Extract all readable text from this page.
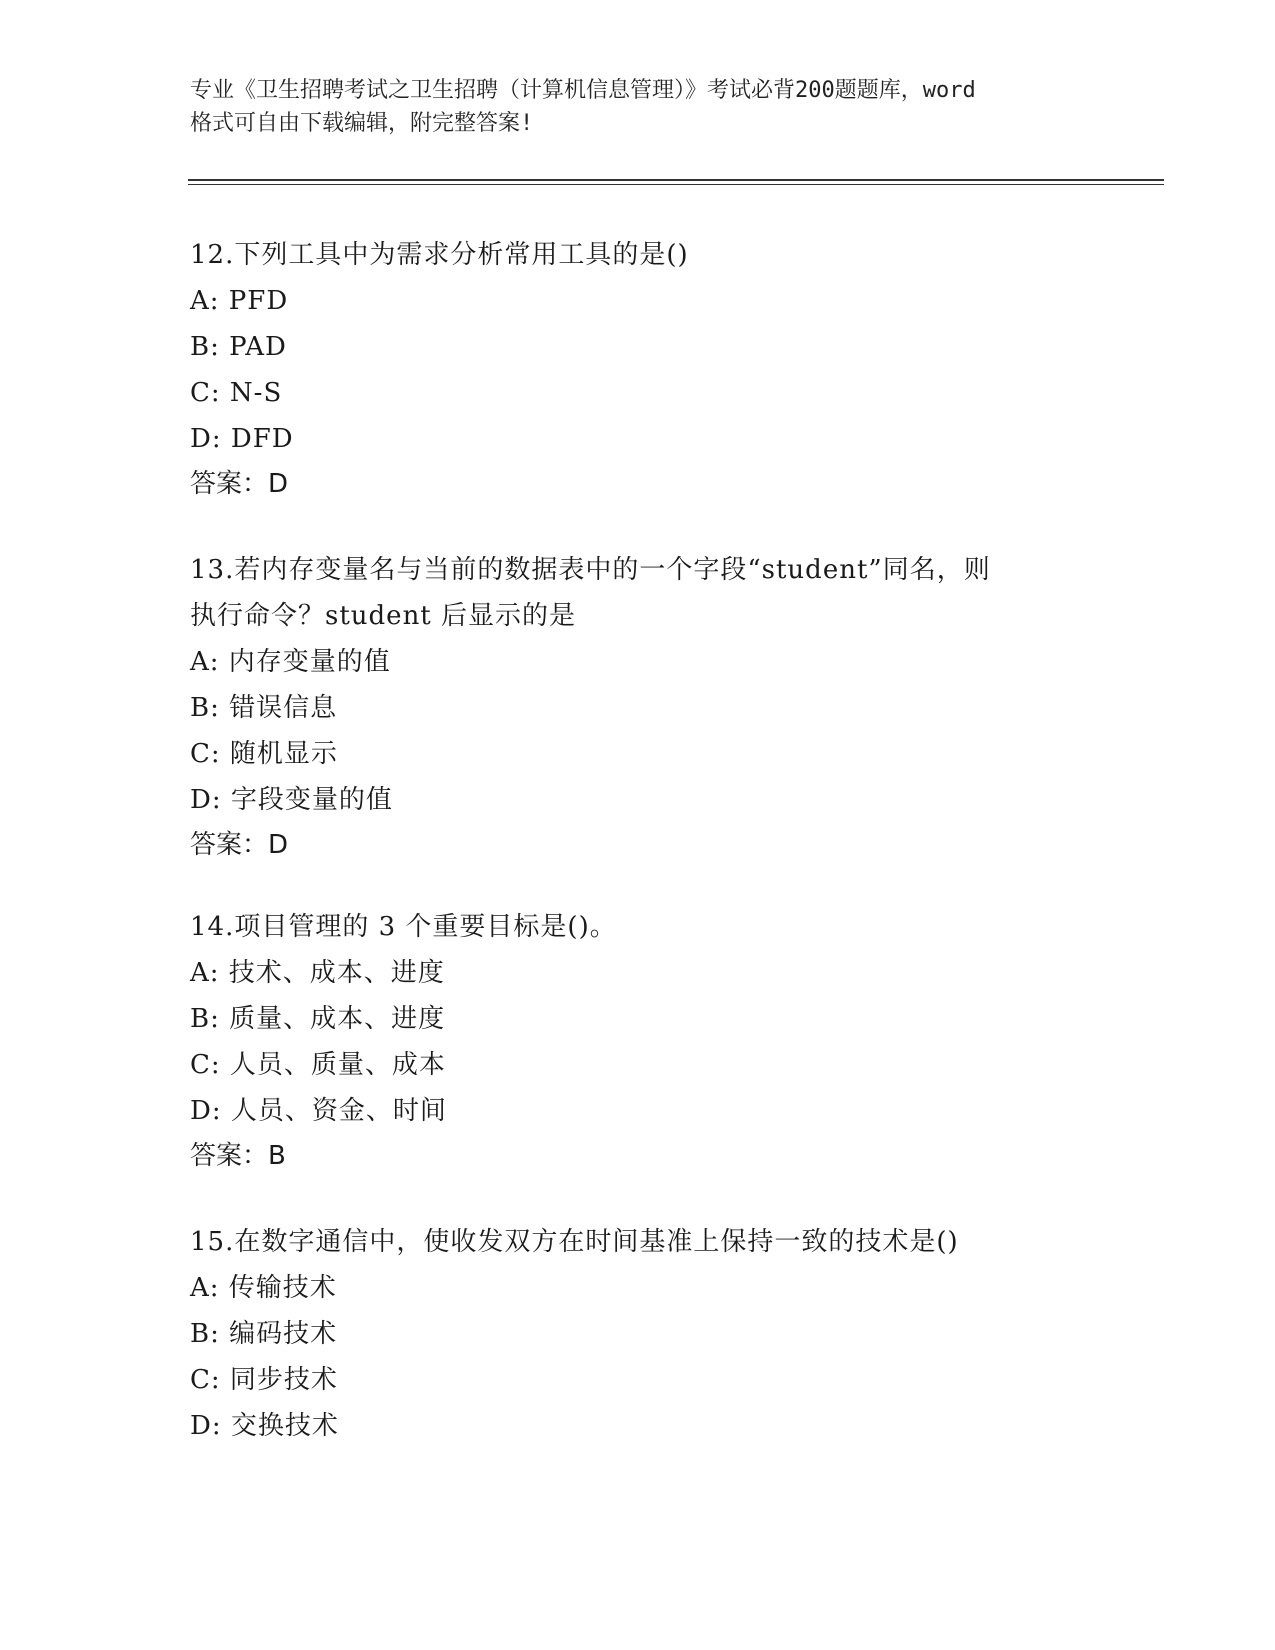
专业《卫生招聘考试之卫生招聘（计算机信息管理）》考试必背200题题库，word
格式可自由下载编辑，附完整答案!

12.下列工具中为需求分析常用工具的是()

A: PFD

B: PAD

C: N-S

D: DFD

答案：D

13.若内存变量名与当前的数据表中的一个字段“student”同名，则

执行命令？student 后显示的是

A: 内存变量的值

B: 错误信息

C: 随机显示

D: 字段变量的值

答案：D

14.项目管理的 3 个重要目标是()。

A: 技术、成本、进度

B: 质量、成本、进度

C: 人员、质量、成本

D: 人员、资金、时间

答案：B

15.在数字通信中，使收发双方在时间基准上保持一致的技术是()

A: 传输技术

B: 编码技术

C: 同步技术

D: 交换技术
